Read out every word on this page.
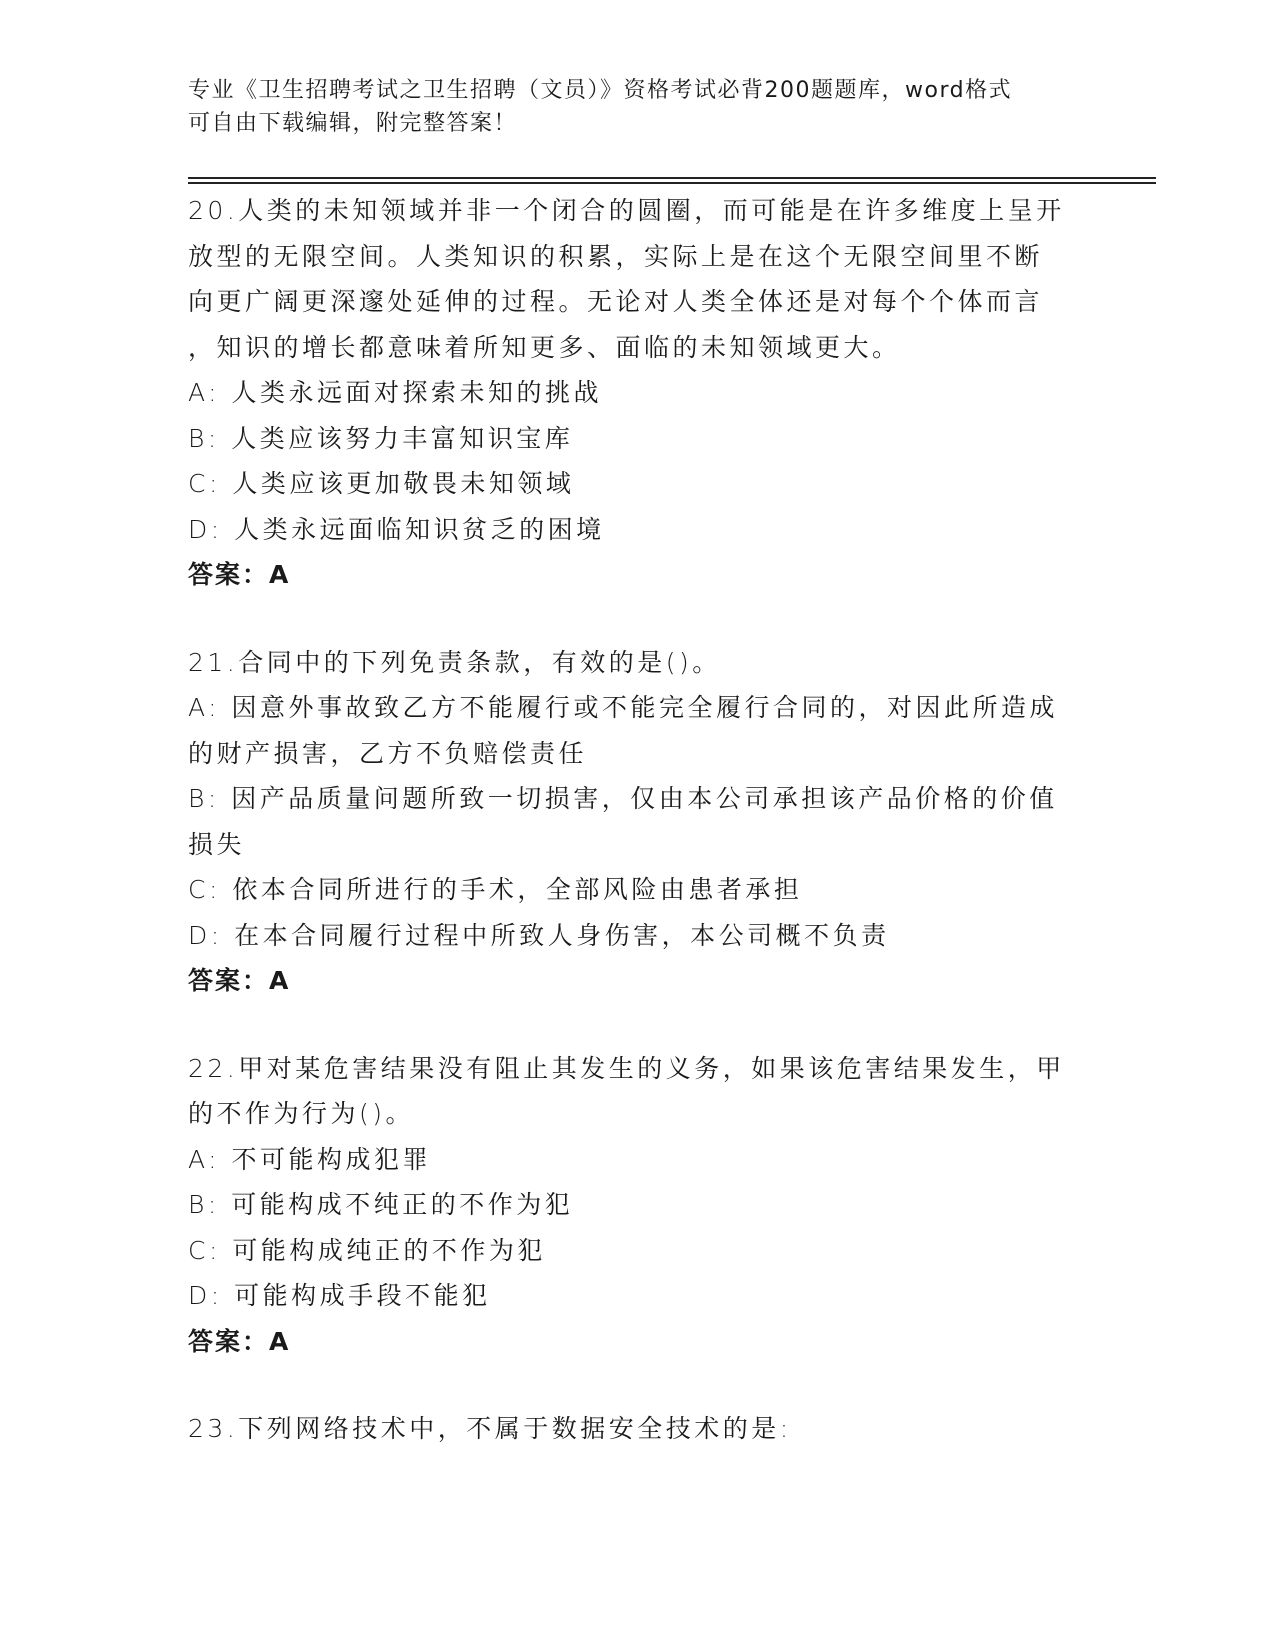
专业《卫生招聘考试之卫生招聘（文员）》资格考试必背200题题库，word格式
可自由下载编辑，附完整答案！
20.人类的未知领域并非一个闭合的圆圈，而可能是在许多维度上呈开
放型的无限空间。人类知识的积累，实际上是在这个无限空间里不断
向更广阔更深邃处延伸的过程。无论对人类全体还是对每个个体而言
，知识的增长都意味着所知更多、面临的未知领域更大。
A: 人类永远面对探索未知的挑战
B: 人类应该努力丰富知识宝库
C: 人类应该更加敬畏未知领域
D: 人类永远面临知识贫乏的困境
答案：A
21.合同中的下列免责条款，有效的是()。
A: 因意外事故致乙方不能履行或不能完全履行合同的，对因此所造成
的财产损害，乙方不负赔偿责任
B: 因产品质量问题所致一切损害，仅由本公司承担该产品价格的价值
损失
C: 依本合同所进行的手术，全部风险由患者承担
D: 在本合同履行过程中所致人身伤害，本公司概不负责
答案：A
22.甲对某危害结果没有阻止其发生的义务，如果该危害结果发生，甲
的不作为行为()。
A: 不可能构成犯罪
B: 可能构成不纯正的不作为犯
C: 可能构成纯正的不作为犯
D: 可能构成手段不能犯
答案：A
23.下列网络技术中，不属于数据安全技术的是:
